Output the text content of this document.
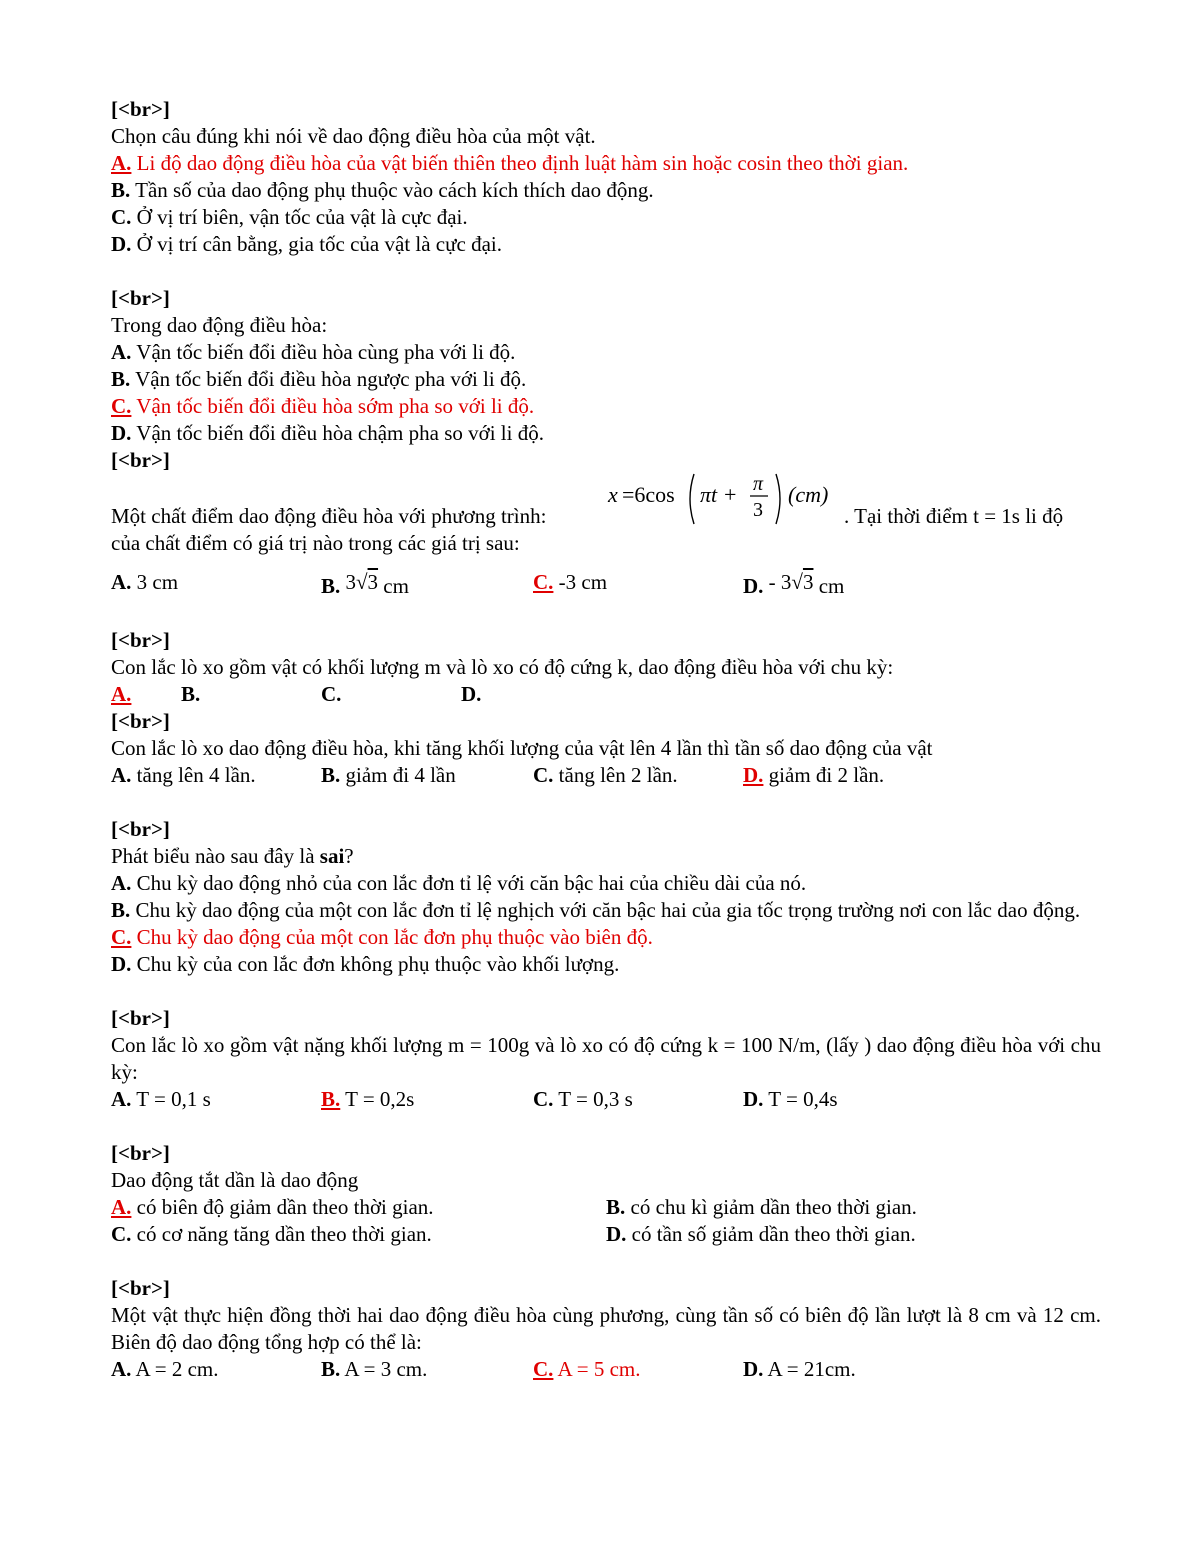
[<br>]
Chọn câu đúng khi nói về dao động điều hòa của một vật.
A. Li độ dao động điều hòa của vật biến thiên theo định luật hàm sin hoặc cosin theo thời gian.
B. Tần số của dao động phụ thuộc vào cách kích thích dao động.
C. Ở vị trí biên, vận tốc của vật là cực đại.
D. Ở vị trí cân bằng, gia tốc của vật là cực đại.
[<br>]
Trong dao động điều hòa:
A. Vận tốc biến đổi điều hòa cùng pha với li độ.
B. Vận tốc biến đổi điều hòa ngược pha với li độ.
C. Vận tốc biến đổi điều hòa sớm pha so với li độ.
D. Vận tốc biến đổi điều hòa chậm pha so với li độ.
[<br>]
Một chất điểm dao động điều hòa với phương trình:
x =6cos πt + π
3
(cm)
. Tại thời điểm t = 1s li độ
của chất điểm có giá trị nào trong các giá trị sau:
A. 3 cm	B. 3√3 cm	C. -3 cm	D. - 3√3 cm
[<br>]
Con lắc lò xo gồm vật có khối lượng m và lò xo có độ cứng k, dao động điều hòa với chu kỳ:
A.	B.	C.	D.
[<br>]
Con lắc lò xo dao động điều hòa, khi tăng khối lượng của vật lên 4 lần thì tần số dao động của vật
A. tăng lên 4 lần.	B. giảm đi 4 lần	C. tăng lên 2 lần.	D. giảm đi 2 lần.
[<br>]
Phát biểu nào sau đây là sai?
A. Chu kỳ dao động nhỏ của con lắc đơn tỉ lệ với căn bậc hai của chiều dài của nó.
B. Chu kỳ dao động của một con lắc đơn tỉ lệ nghịch với căn bậc hai của gia tốc trọng trường nơi con lắc dao động.
C. Chu kỳ dao động của một con lắc đơn phụ thuộc vào biên độ.
D. Chu kỳ của con lắc đơn không phụ thuộc vào khối lượng.
[<br>]
Con lắc lò xo gồm vật nặng khối lượng m = 100g và lò xo có độ cứng k = 100 N/m, (lấy ) dao động điều hòa với chu kỳ:
A. T = 0,1 s	B. T = 0,2s	C. T = 0,3 s	D. T = 0,4s
[<br>]
Dao động tắt dần là dao động
A. có biên độ giảm dần theo thời gian.	B. có chu kì giảm dần theo thời gian.
C. có cơ năng tăng dần theo thời gian.	D. có tần số giảm dần theo thời gian.
[<br>]
Một vật thực hiện đồng thời hai dao động điều hòa cùng phương, cùng tần số có biên độ lần lượt là 8 cm và 12 cm. Biên độ dao động tổng hợp có thể là:
A. A = 2 cm.	B. A = 3 cm.	C. A = 5 cm.	D. A = 21cm.
